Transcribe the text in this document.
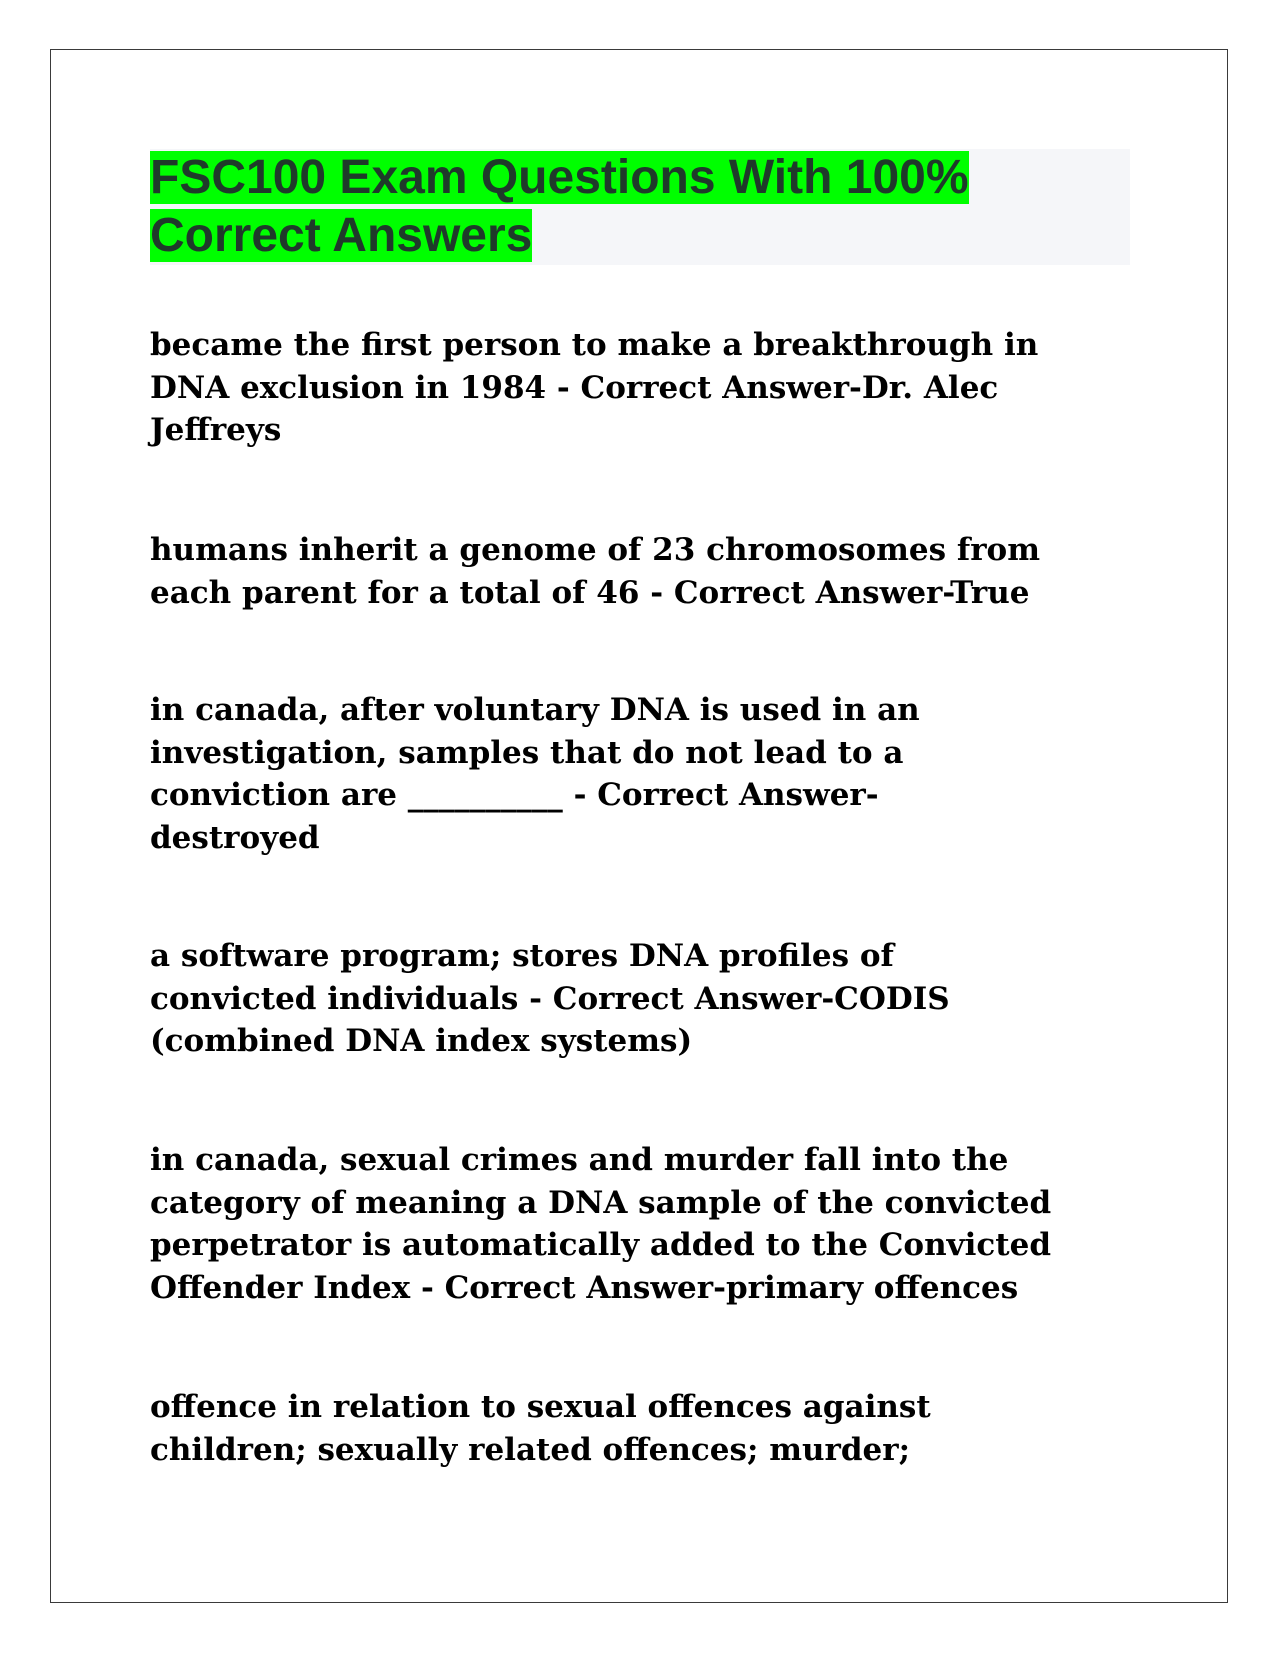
FSC100 Exam Questions With 100% Correct Answers

became the first person to make a breakthrough in
DNA exclusion in 1984 - Correct Answer-Dr. Alec
Jeffreys

humans inherit a genome of 23 chromosomes from
each parent for a total of 46 - Correct Answer-True

in canada, after voluntary DNA is used in an
investigation, samples that do not lead to a
conviction are __________ - Correct Answer-
destroyed

a software program; stores DNA profiles of
convicted individuals - Correct Answer-CODIS
(combined DNA index systems)

in canada, sexual crimes and murder fall into the
category of meaning a DNA sample of the convicted
perpetrator is automatically added to the Convicted
Offender Index - Correct Answer-primary offences

offence in relation to sexual offences against
children; sexually related offences; murder;
